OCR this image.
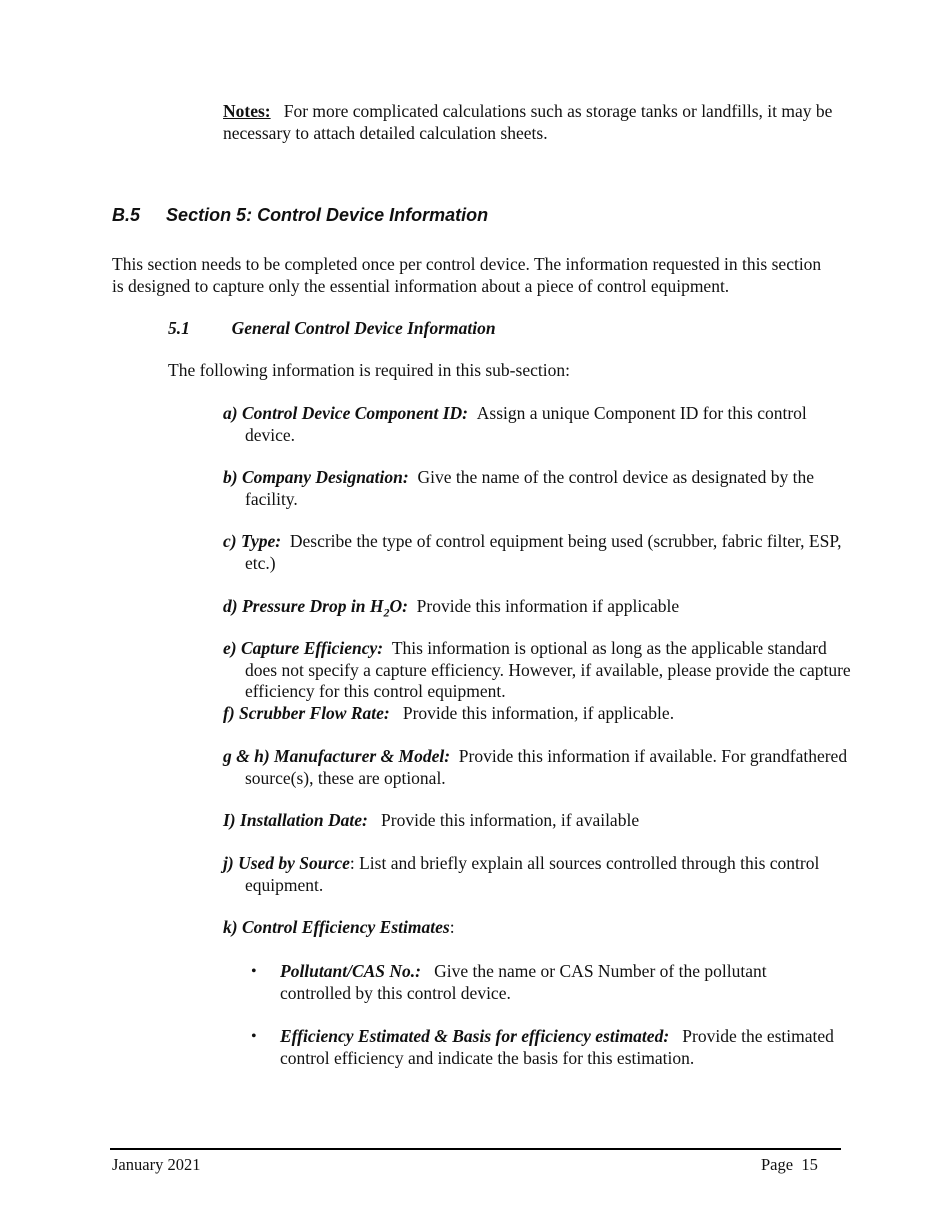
Notes: For more complicated calculations such as storage tanks or landfills, it may be necessary to attach detailed calculation sheets.
B.5 Section 5: Control Device Information
This section needs to be completed once per control device. The information requested in this section is designed to capture only the essential information about a piece of control equipment.
5.1 General Control Device Information
The following information is required in this sub-section:
a) Control Device Component ID: Assign a unique Component ID for this control device.
b) Company Designation: Give the name of the control device as designated by the facility.
c) Type: Describe the type of control equipment being used (scrubber, fabric filter, ESP, etc.)
d) Pressure Drop in $H_2O$: Provide this information if applicable
e) Capture Efficiency: This information is optional as long as the applicable standard does not specify a capture efficiency. However, if available, please provide the capture efficiency for this control equipment.
f) Scrubber Flow Rate: Provide this information, if applicable.
g & h) Manufacturer & Model: Provide this information if available. For grandfathered source(s), these are optional.
I) Installation Date: Provide this information, if available
j) Used by Source: List and briefly explain all sources controlled through this control equipment.
k) Control Efficiency Estimates:
• Pollutant/CAS No.: Give the name or CAS Number of the pollutant controlled by this control device.
• Efficiency Estimated & Basis for efficiency estimated: Provide the estimated control efficiency and indicate the basis for this estimation.
January 2021	Page  15
